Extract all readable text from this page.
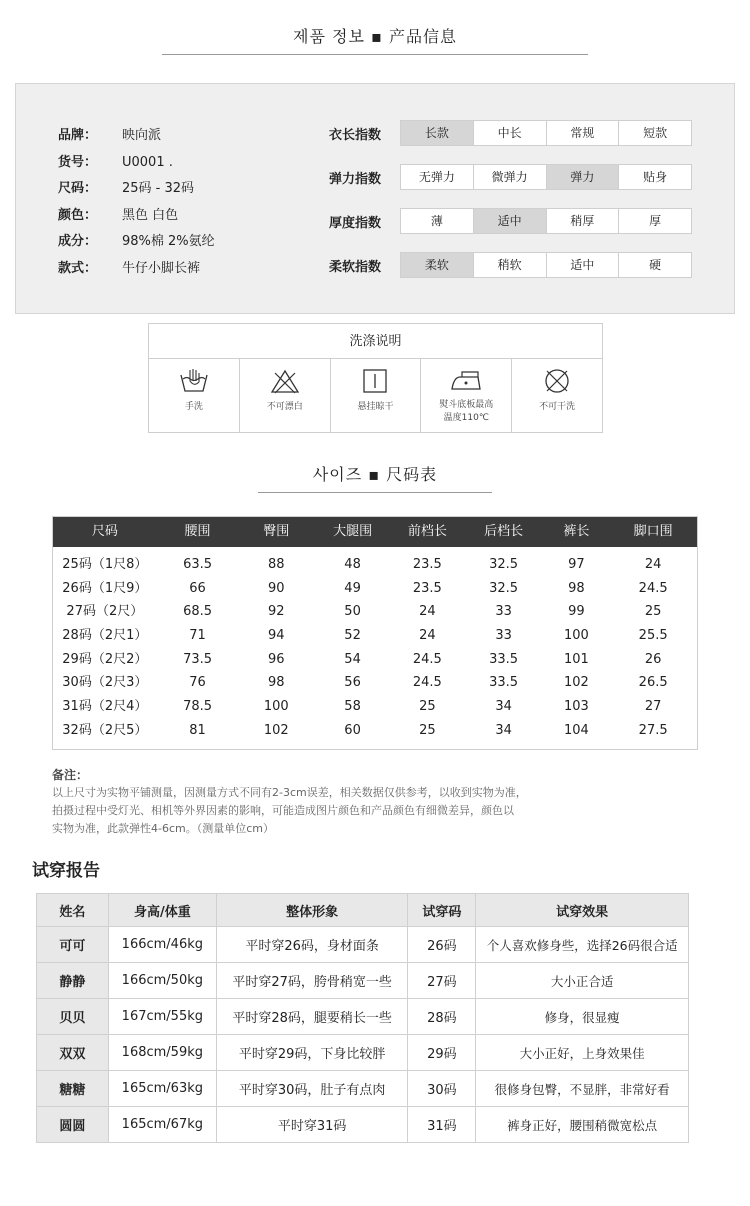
제품 정보 ▪ 产品信息
品牌： 映向派
货号： U0001 .
尺码： 25码 - 32码
颜色： 黑色 白色
成分： 98%棉 2%氨纶
款式： 牛仔小脚长裤
衣长指数	长款	中长	常规	短款
弹力指数	无弹力	微弹力	弹力	贴身
厚度指数	薄	适中	稍厚	厚
柔软指数	柔软	稍软	适中	硬
洗涤说明
手洗	不可漂白	悬挂晾干	熨斗底板最高
温度110℃
不可干洗
사이즈 ▪ 尺码表
尺码	腰围	臀围	大腿围	前档长	后档长	裤长	脚口围
25码（1尺8）	63.5	88	48	23.5	32.5	97	24
26码（1尺9）	66	90	49	23.5	32.5	98	24.5
27码（2尺）	68.5	92	50	24	33	99	25
28码（2尺1）	71	94	52	24	33	100	25.5
29码（2尺2）	73.5	96	54	24.5	33.5	101	26
30码（2尺3）	76	98	56	24.5	33.5	102	26.5
31码（2尺4）	78.5	100	58	25	34	103	27
32码（2尺5）	81	102	60	25	34	104	27.5
备注：
以上尺寸为实物平铺测量，因测量方式不同有2-3cm误差，相关数据仅供参考，以收到实物为准，
拍摄过程中受灯光、相机等外界因素的影响，可能造成图片颜色和产品颜色有细微差异，颜色以
实物为准，此款弹性4-6cm。（测量单位cm）
试穿报告
姓名	身高/体重	整体形象	试穿码	试穿效果
可可	166cm/46kg	平时穿26码，身材面条	26码	个人喜欢修身些，选择26码很合适
静静	166cm/50kg	平时穿27码，胯骨稍宽一些	27码	大小正合适
贝贝	167cm/55kg	平时穿28码，腿要稍长一些	28码	修身，很显瘦
双双	168cm/59kg	平时穿29码，下身比较胖	29码	大小正好，上身效果佳
糖糖	165cm/63kg	平时穿30码，肚子有点肉	30码	很修身包臀，不显胖，非常好看
圆圆	165cm/67kg	平时穿31码	31码	裤身正好，腰围稍微宽松点
